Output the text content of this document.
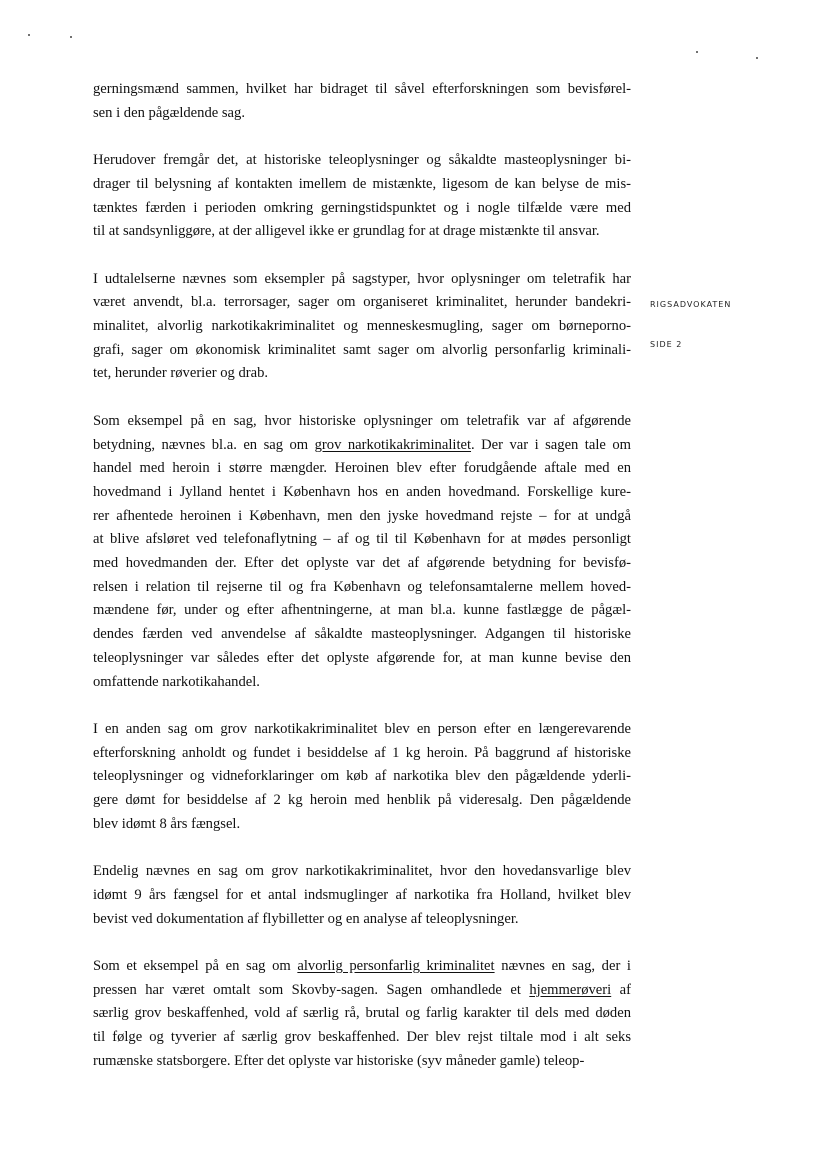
RIGSADVOKATEN
SIDE 2
gerningsmænd sammen, hvilket har bidraget til såvel efterforskningen som bevisførel-
sen i den pågældende sag.
Herudover fremgår det, at historiske teleoplysninger og såkaldte masteoplysninger bi-
drager til belysning af kontakten imellem de mistænkte, ligesom de kan belyse de mis-
tænktes færden i perioden omkring gerningstidspunktet og i nogle tilfælde være med
til at sandsynliggøre, at der alligevel ikke er grundlag for at drage mistænkte til ansvar.
I udtalelserne nævnes som eksempler på sagstyper, hvor oplysninger om teletrafik har
været anvendt, bl.a. terrorsager, sager om organiseret kriminalitet, herunder bandekri-
minalitet, alvorlig narkotikakriminalitet og menneskesmugling, sager om børneporno-
grafi, sager om økonomisk kriminalitet samt sager om alvorlig personfarlig kriminali-
tet, herunder røverier og drab.
Som eksempel på en sag, hvor historiske oplysninger om teletrafik var af afgørende
betydning, nævnes bl.a. en sag om grov narkotikakriminalitet. Der var i sagen tale om
handel med heroin i større mængder. Heroinen blev efter forudgående aftale med en
hovedmand i Jylland hentet i København hos en anden hovedmand. Forskellige kure-
rer afhentede heroinen i København, men den jyske hovedmand rejste – for at undgå
at blive afsløret ved telefonaflytning – af og til til København for at mødes personligt
med hovedmanden der. Efter det oplyste var det af afgørende betydning for bevisfø-
relsen i relation til rejserne til og fra København og telefonsamtalerne mellem hoved-
mændene før, under og efter afhentningerne, at man bl.a. kunne fastlægge de pågæl-
dendes færden ved anvendelse af såkaldte masteoplysninger. Adgangen til historiske
teleoplysninger var således efter det oplyste afgørende for, at man kunne bevise den
omfattende narkotikahandel.
I en anden sag om grov narkotikakriminalitet blev en person efter en længerevarende
efterforskning anholdt og fundet i besiddelse af 1 kg heroin. På baggrund af historiske
teleoplysninger og vidneforklaringer om køb af narkotika blev den pågældende yderli-
gere dømt for besiddelse af 2 kg heroin med henblik på videresalg. Den pågældende
blev idømt 8 års fængsel.
Endelig nævnes en sag om grov narkotikakriminalitet, hvor den hovedansvarlige blev
idømt 9 års fængsel for et antal indsmuglinger af narkotika fra Holland, hvilket blev
bevist ved dokumentation af flybilletter og en analyse af teleoplysninger.
Som et eksempel på en sag om alvorlig personfarlig kriminalitet nævnes en sag, der i
pressen har været omtalt som Skovby-sagen. Sagen omhandlede et hjemmerøveri af
særlig grov beskaffenhed, vold af særlig rå, brutal og farlig karakter til dels med døden
til følge og tyverier af særlig grov beskaffenhed. Der blev rejst tiltale mod i alt seks
rumænske statsborgere. Efter det oplyste var historiske (syv måneder gamle) teleop-
